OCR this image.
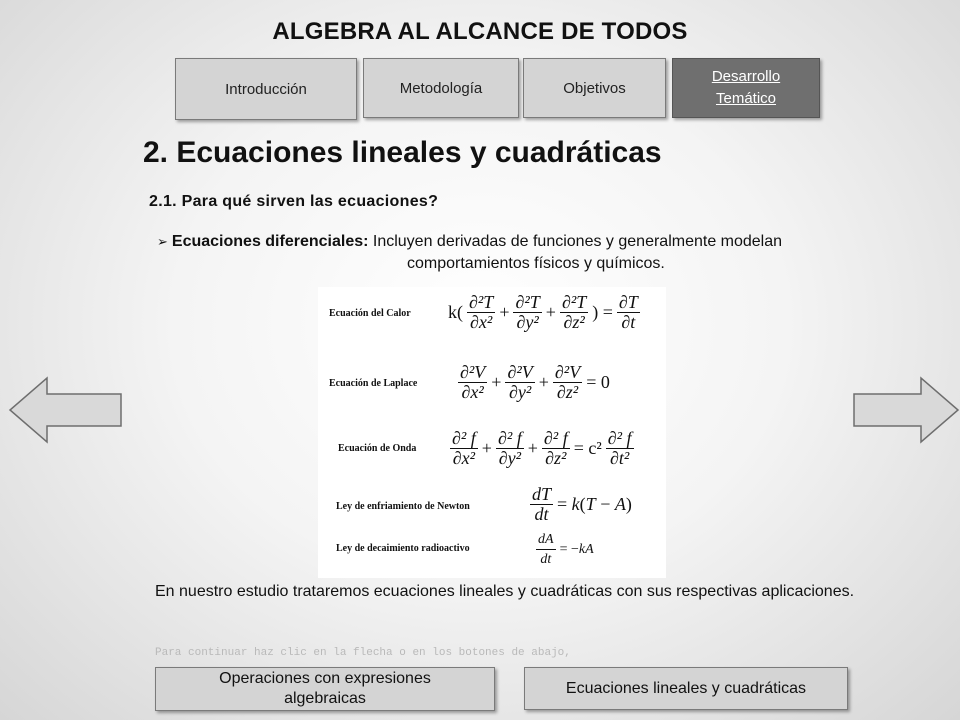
ALGEBRA AL ALCANCE DE TODOS
Introducción	Metodología	Objetivos
Desarrollo
Temático
2. Ecuaciones lineales y cuadráticas
2.1. Para qué sirven las ecuaciones?
➢ Ecuaciones diferenciales: Incluyen derivadas de funciones y generalmente modelan
comportamientos físicos y químicos.
Ecuación del Calor $k( \frac{\text{∂²T}}{\text{∂x²}} + \frac{\text{∂²T}}{\text{∂y²}} + \frac{\text{∂²T}}{\text{∂z²}}$ ) = $\frac{\partial T}{\partial t}$
Ecuación de Laplace $\frac{\text{∂²V}}{\text{∂x²}} + \frac{\text{∂²V}}{\text{∂y²}} + \frac{\text{∂²V}}{\text{∂z²}} = 0$
Ecuación de Onda $\frac{\text{∂² f}}{\text{∂x²}} + \frac{\text{∂² f}}{\text{∂y²}} + \frac{\text{∂² f}}{\text{∂z²}} = c^2 \frac{\text{∂² f}}{\text{∂t²}}$
Ley de enfriamiento de Newton	$\frac{dT}{dt} = k(T - A)$
Ley de decaimiento radioactivo	$\frac{dA}{dt} = -kA$
En nuestro estudio trataremos ecuaciones lineales y cuadráticas con sus respectivas aplicaciones.
Para continuar haz clic en la flecha o en los botones de abajo,
Operaciones con expresiones
algebraicas
Ecuaciones lineales y cuadráticas
